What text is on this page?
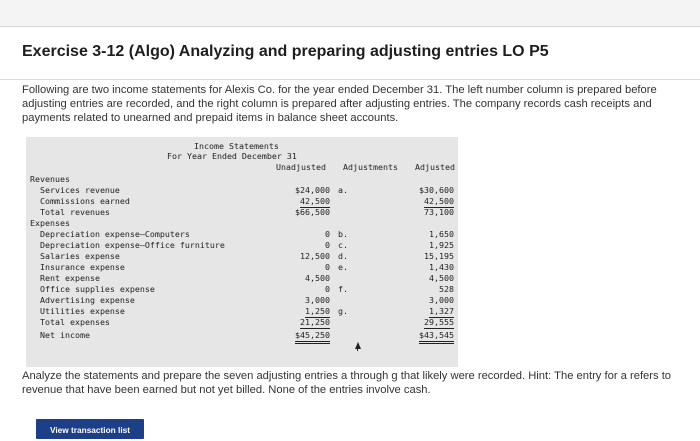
Exercise 3-12 (Algo) Analyzing and preparing adjusting entries LO P5
Following are two income statements for Alexis Co. for the year ended December 31. The left number column is prepared before adjusting entries are recorded, and the right column is prepared after adjusting entries. The company records cash receipts and payments related to unearned and prepaid items in balance sheet accounts.
Income Statements
For Year Ended December 31
Unadjusted Adjustments Adjusted
Revenues
Services revenue	$24,000 a.	$30,600
Commissions earned	42,500	42,500
Total revenues	$66,500	73,100
Expenses
Depreciation expense—Computers	0 b.	1,650
Depreciation expense—Office furniture	0 c.	1,925
Salaries expense	12,500 d.	15,195
Insurance expense	0 e.	1,430
Rent expense	4,500	4,500
Office supplies expense	0 f.	528
Advertising expense	3,000	3,000
Utilities expense	1,250 g.	1,327
Total expenses	21,250	29,555
Net income	$45,250	$43,545
Analyze the statements and prepare the seven adjusting entries a through g that likely were recorded. Hint: The entry for a refers to revenue that have been earned but not yet billed. None of the entries involve cash.
View transaction list
